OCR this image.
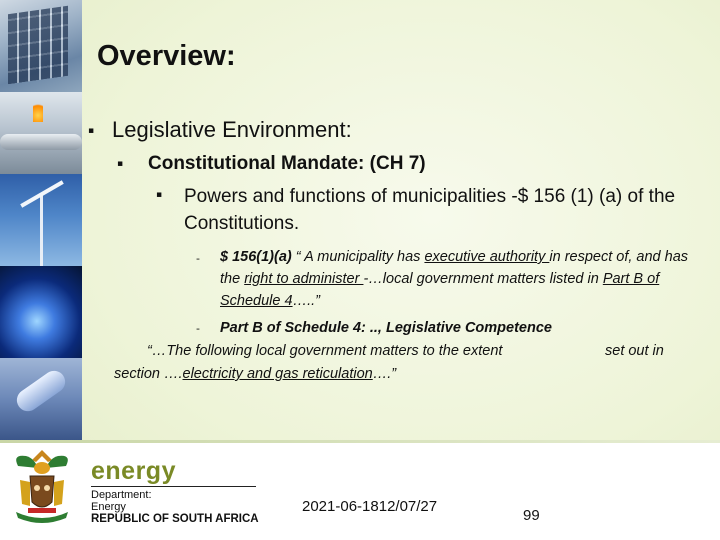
Overview:
▪ Legislative Environment:
▪ Constitutional Mandate: (CH 7)
▪ Powers and functions of municipalities -$ 156 (1) (a) of the Constitutions.
- $ 156(1)(a) “ A municipality has executive authority in respect of, and has the right to administer -…local government matters listed in Part B of Schedule 4…..”
- Part B of Schedule 4: .., Legislative Competence
“…The following local government matters to the extent	set out in
section ….electricity and gas reticulation….”
energy
Department:
Energy
REPUBLIC OF SOUTH AFRICA
2021-06-1812/07/27
99
